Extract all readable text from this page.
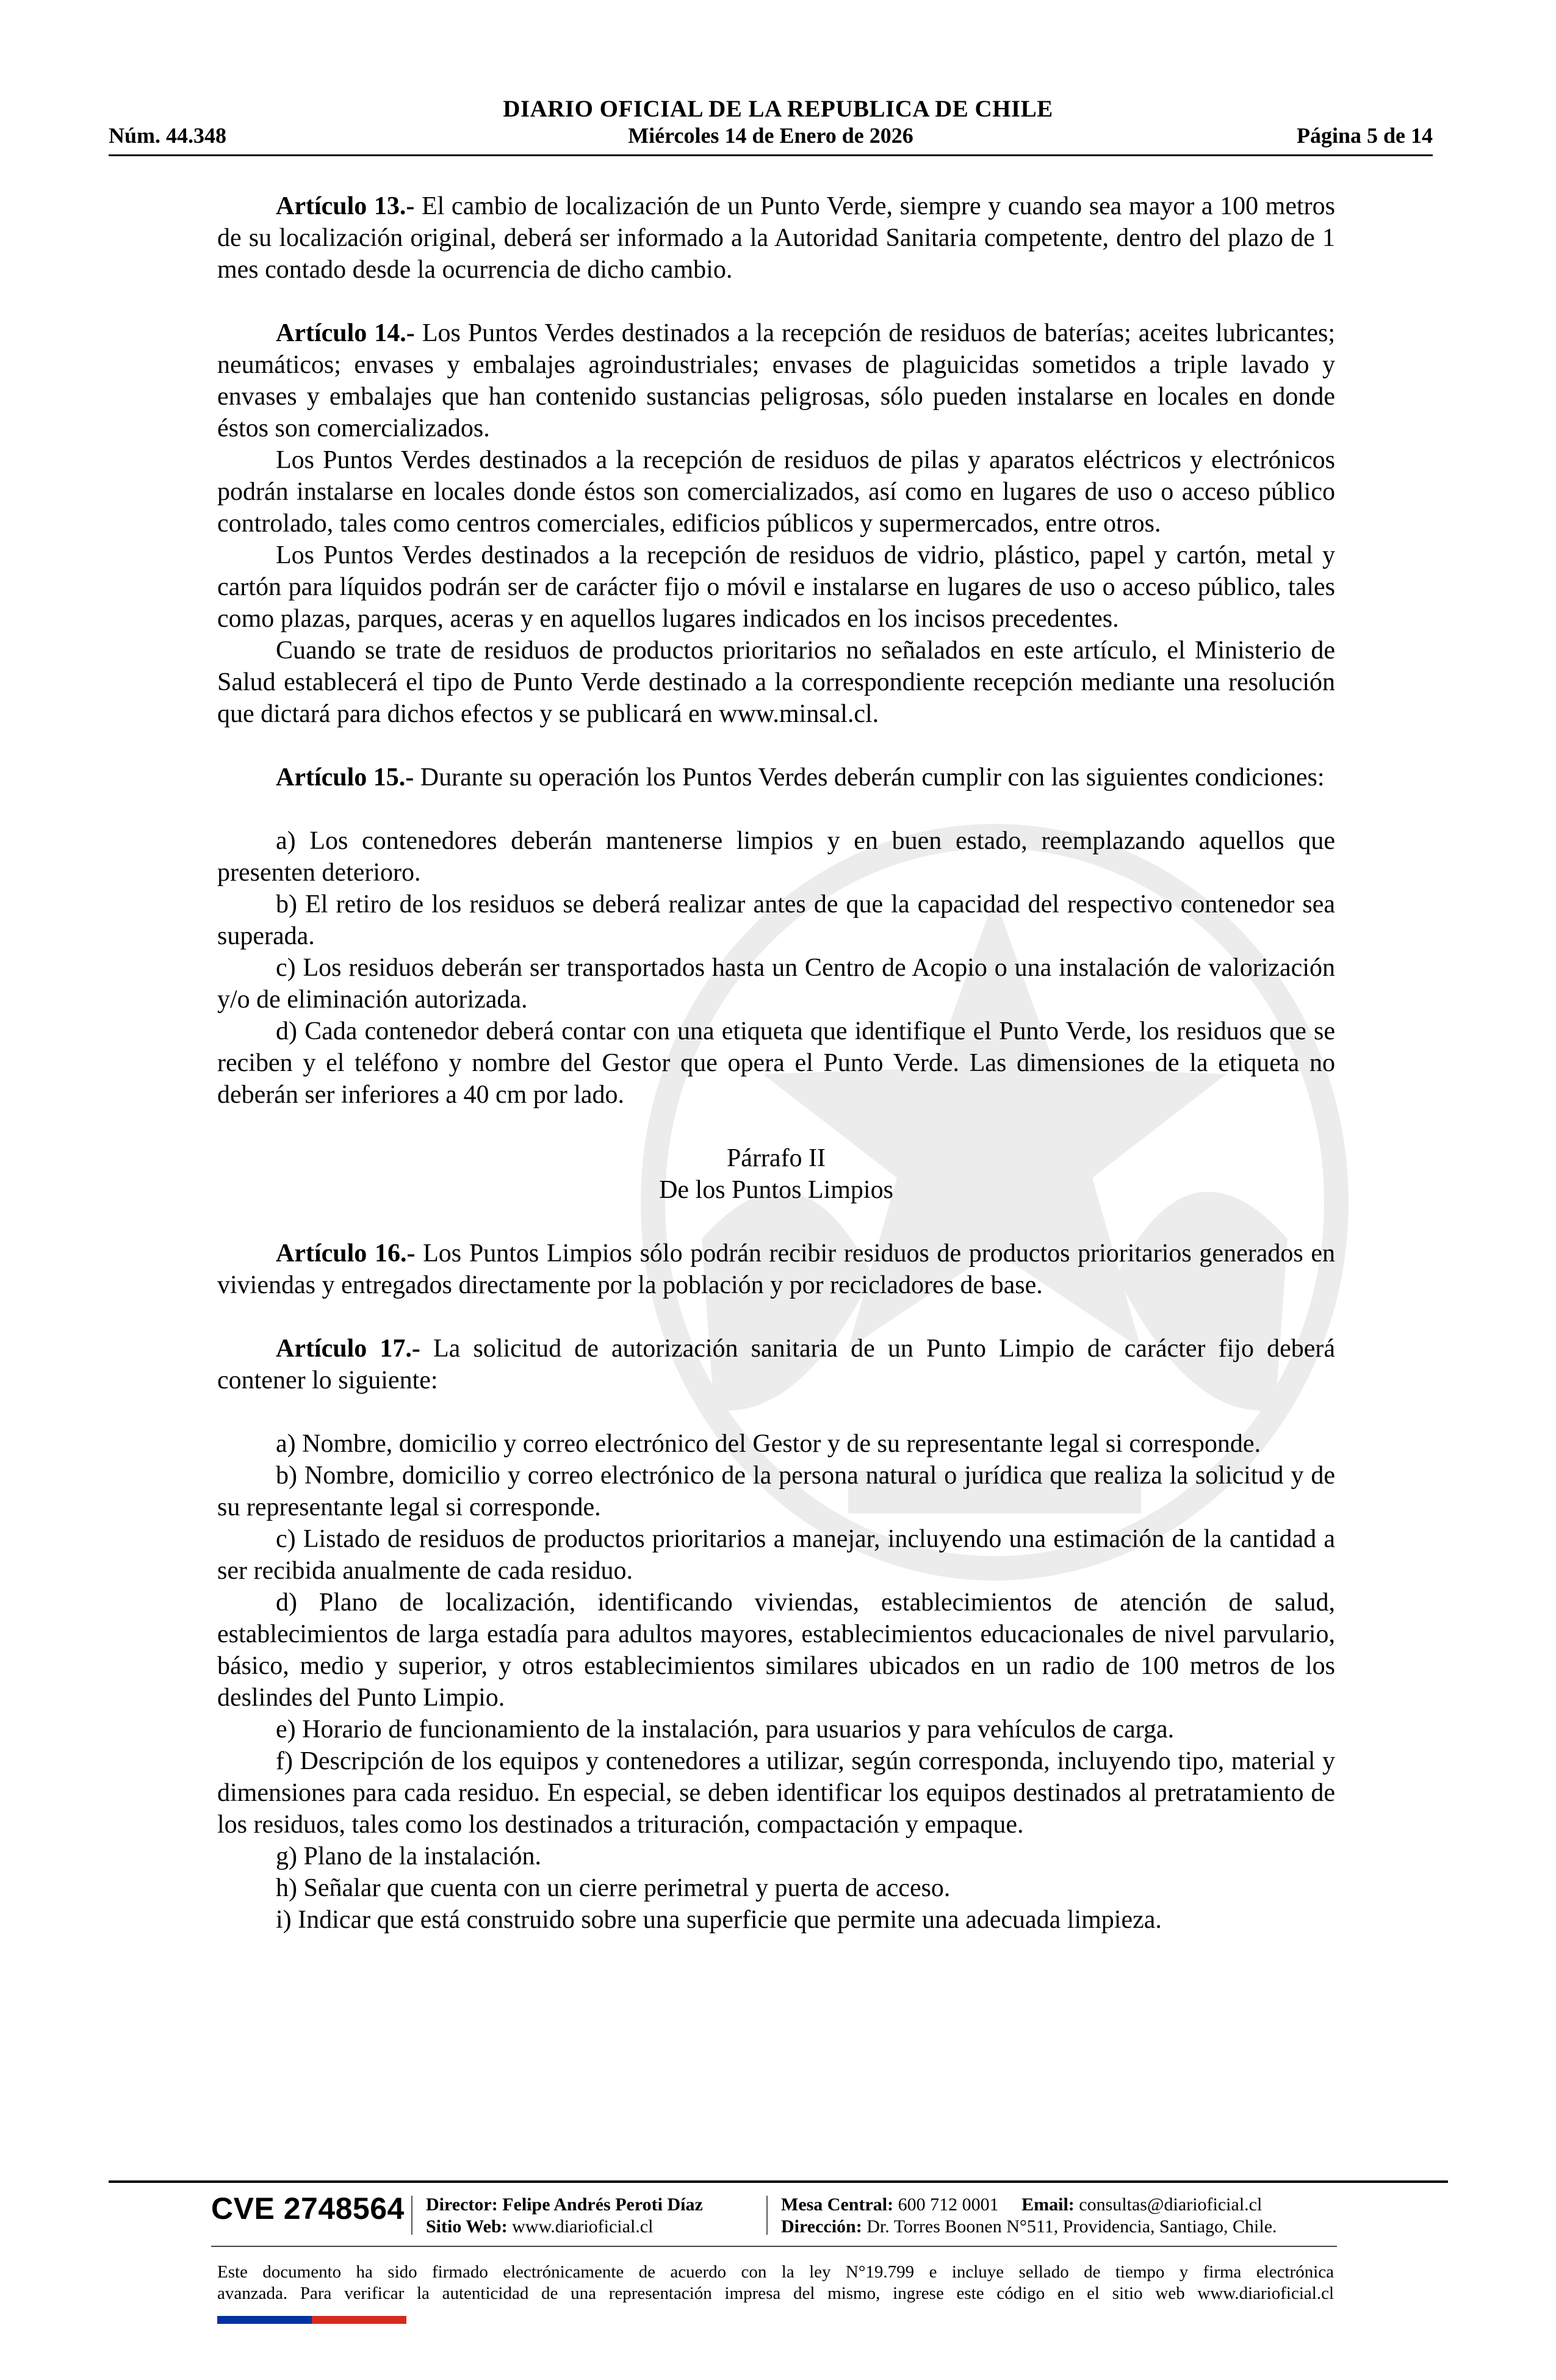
DIARIO OFICIAL DE LA REPUBLICA DE CHILE
Núm. 44.348	Miércoles 14 de Enero de 2026	Página 5 de 14

Artículo 13.- El cambio de localización de un Punto Verde, siempre y cuando sea mayor a 100 metros de su localización original, deberá ser informado a la Autoridad Sanitaria competente, dentro del plazo de 1 mes contado desde la ocurrencia de dicho cambio.

Artículo 14.- Los Puntos Verdes destinados a la recepción de residuos de baterías; aceites lubricantes; neumáticos; envases y embalajes agroindustriales; envases de plaguicidas sometidos a triple lavado y envases y embalajes que han contenido sustancias peligrosas, sólo pueden instalarse en locales en donde éstos son comercializados.

Los Puntos Verdes destinados a la recepción de residuos de pilas y aparatos eléctricos y electrónicos podrán instalarse en locales donde éstos son comercializados, así como en lugares de uso o acceso público controlado, tales como centros comerciales, edificios públicos y supermercados, entre otros.

Los Puntos Verdes destinados a la recepción de residuos de vidrio, plástico, papel y cartón, metal y cartón para líquidos podrán ser de carácter fijo o móvil e instalarse en lugares de uso o acceso público, tales como plazas, parques, aceras y en aquellos lugares indicados en los incisos precedentes.

Cuando se trate de residuos de productos prioritarios no señalados en este artículo, el Ministerio de Salud establecerá el tipo de Punto Verde destinado a la correspondiente recepción mediante una resolución que dictará para dichos efectos y se publicará en www.minsal.cl.

Artículo 15.- Durante su operación los Puntos Verdes deberán cumplir con las siguientes condiciones:

a) Los contenedores deberán mantenerse limpios y en buen estado, reemplazando aquellos que presenten deterioro.

b) El retiro de los residuos se deberá realizar antes de que la capacidad del respectivo contenedor sea superada.

c) Los residuos deberán ser transportados hasta un Centro de Acopio o una instalación de valorización y/o de eliminación autorizada.

d) Cada contenedor deberá contar con una etiqueta que identifique el Punto Verde, los residuos que se reciben y el teléfono y nombre del Gestor que opera el Punto Verde. Las dimensiones de la etiqueta no deberán ser inferiores a 40 cm por lado.

Párrafo II

De los Puntos Limpios

Artículo 16.- Los Puntos Limpios sólo podrán recibir residuos de productos prioritarios generados en viviendas y entregados directamente por la población y por recicladores de base.

Artículo 17.- La solicitud de autorización sanitaria de un Punto Limpio de carácter fijo deberá contener lo siguiente:

a) Nombre, domicilio y correo electrónico del Gestor y de su representante legal si corresponde.

b) Nombre, domicilio y correo electrónico de la persona natural o jurídica que realiza la solicitud y de su representante legal si corresponde.

c) Listado de residuos de productos prioritarios a manejar, incluyendo una estimación de la cantidad a ser recibida anualmente de cada residuo.

d) Plano de localización, identificando viviendas, establecimientos de atención de salud, establecimientos de larga estadía para adultos mayores, establecimientos educacionales de nivel parvulario, básico, medio y superior, y otros establecimientos similares ubicados en un radio de 100 metros de los deslindes del Punto Limpio.

e) Horario de funcionamiento de la instalación, para usuarios y para vehículos de carga.

f) Descripción de los equipos y contenedores a utilizar, según corresponda, incluyendo tipo, material y dimensiones para cada residuo. En especial, se deben identificar los equipos destinados al pretratamiento de los residuos, tales como los destinados a trituración, compactación y empaque.

g) Plano de la instalación.

h) Señalar que cuenta con un cierre perimetral y puerta de acceso.

i) Indicar que está construido sobre una superficie que permite una adecuada limpieza.

CVE 2748564 Director: Felipe Andrés Peroti Díaz
Sitio Web: www.diarioficial.cl
Mesa Central: 600 712 0001 Email: consultas@diarioficial.cl
Dirección: Dr. Torres Boonen N°511, Providencia, Santiago, Chile.
Este documento ha sido firmado electrónicamente de acuerdo con la ley N°19.799 e incluye sellado de tiempo y firma electrónica
avanzada. Para verificar la autenticidad de una representación impresa del mismo, ingrese este código en el sitio web www.diarioficial.cl
